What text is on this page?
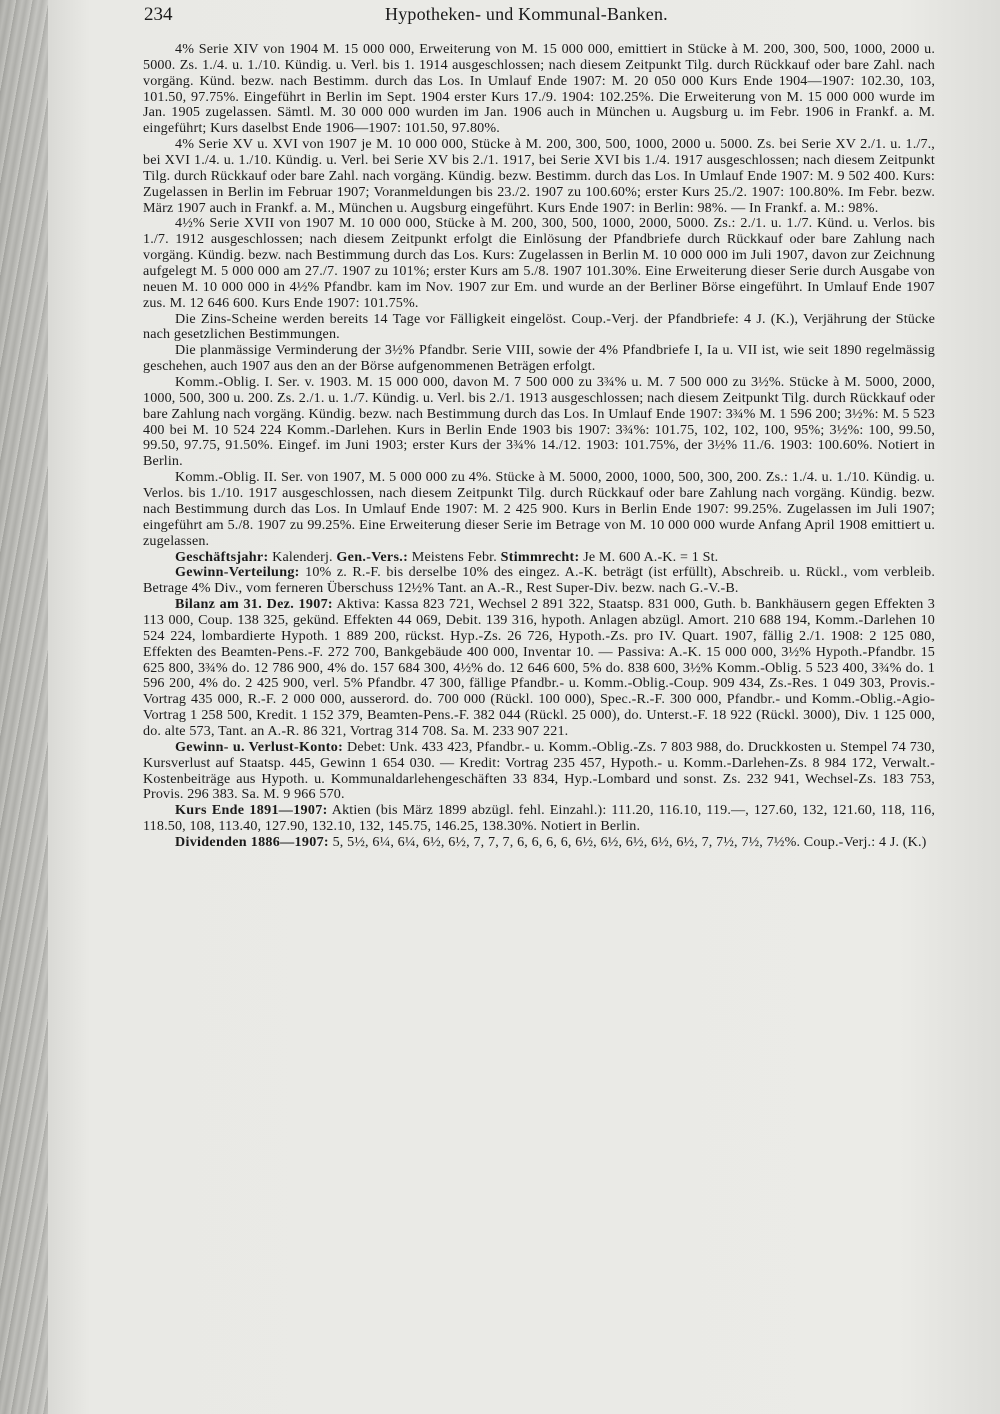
234	Hypotheken- und Kommunal-Banken.

4% Serie XIV von 1904 M. 15 000 000, Erweiterung von M. 15 000 000, emittiert in Stücke à M. 200, 300, 500, 1000, 2000 u. 5000. Zs. 1./4. u. 1./10. Kündig. u. Verl. bis 1. 1914 ausgeschlossen; nach diesem Zeitpunkt Tilg. durch Rückkauf oder bare Zahl. nach vorgäng. Künd. bezw. nach Bestimm. durch das Los. In Umlauf Ende 1907: M. 20 050 000 Kurs Ende 1904—1907: 102.30, 103, 101.50, 97.75%. Eingeführt in Berlin im Sept. 1904 erster Kurs 17./9. 1904: 102.25%. Die Erweiterung von M. 15 000 000 wurde im Jan. 1905 zugelassen. Sämtl. M. 30 000 000 wurden im Jan. 1906 auch in München u. Augsburg u. im Febr. 1906 in Frankf. a. M. eingeführt; Kurs daselbst Ende 1906—1907: 101.50, 97.80%.

4% Serie XV u. XVI von 1907 je M. 10 000 000, Stücke à M. 200, 300, 500, 1000, 2000 u. 5000. Zs. bei Serie XV 2./1. u. 1./7., bei XVI 1./4. u. 1./10. Kündig. u. Verl. bei Serie XV bis 2./1. 1917, bei Serie XVI bis 1./4. 1917 ausgeschlossen; nach diesem Zeitpunkt Tilg. durch Rückkauf oder bare Zahl. nach vorgäng. Kündig. bezw. Bestimm. durch das Los. In Umlauf Ende 1907: M. 9 502 400. Kurs: Zugelassen in Berlin im Februar 1907; Voranmeldungen bis 23./2. 1907 zu 100.60%; erster Kurs 25./2. 1907: 100.80%. Im Febr. bezw. März 1907 auch in Frankf. a. M., München u. Augsburg eingeführt. Kurs Ende 1907: in Berlin: 98%. — In Frankf. a. M.: 98%.

4½% Serie XVII von 1907 M. 10 000 000, Stücke à M. 200, 300, 500, 1000, 2000, 5000. Zs.: 2./1. u. 1./7. Künd. u. Verlos. bis 1./7. 1912 ausgeschlossen; nach diesem Zeitpunkt erfolgt die Einlösung der Pfandbriefe durch Rückkauf oder bare Zahlung nach vorgäng. Kündig. bezw. nach Bestimmung durch das Los. Kurs: Zugelassen in Berlin M. 10 000 000 im Juli 1907, davon zur Zeichnung aufgelegt M. 5 000 000 am 27./7. 1907 zu 101%; erster Kurs am 5./8. 1907 101.30%. Eine Erweiterung dieser Serie durch Ausgabe von neuen M. 10 000 000 in 4½% Pfandbr. kam im Nov. 1907 zur Em. und wurde an der Berliner Börse eingeführt. In Umlauf Ende 1907 zus. M. 12 646 600. Kurs Ende 1907: 101.75%.

Die Zins-Scheine werden bereits 14 Tage vor Fälligkeit eingelöst. Coup.-Verj. der Pfandbriefe: 4 J. (K.), Verjährung der Stücke nach gesetzlichen Bestimmungen.

Die planmässige Verminderung der 3½% Pfandbr. Serie VIII, sowie der 4% Pfandbriefe I, Ia u. VII ist, wie seit 1890 regelmässig geschehen, auch 1907 aus den an der Börse aufgenommenen Beträgen erfolgt.

Komm.-Oblig. I. Ser. v. 1903. M. 15 000 000, davon M. 7 500 000 zu 3¾% u. M. 7 500 000 zu 3½%. Stücke à M. 5000, 2000, 1000, 500, 300 u. 200. Zs. 2./1. u. 1./7. Kündig. u. Verl. bis 2./1. 1913 ausgeschlossen; nach diesem Zeitpunkt Tilg. durch Rückkauf oder bare Zahlung nach vorgäng. Kündig. bezw. nach Bestimmung durch das Los. In Umlauf Ende 1907: 3¾% M. 1 596 200; 3½%: M. 5 523 400 bei M. 10 524 224 Komm.-Darlehen. Kurs in Berlin Ende 1903 bis 1907: 3¾%: 101.75, 102, 102, 100, 95%; 3½%: 100, 99.50, 99.50, 97.75, 91.50%. Eingef. im Juni 1903; erster Kurs der 3¾% 14./12. 1903: 101.75%, der 3½% 11./6. 1903: 100.60%. Notiert in Berlin.

Komm.-Oblig. II. Ser. von 1907, M. 5 000 000 zu 4%. Stücke à M. 5000, 2000, 1000, 500, 300, 200. Zs.: 1./4. u. 1./10. Kündig. u. Verlos. bis 1./10. 1917 ausgeschlossen, nach diesem Zeitpunkt Tilg. durch Rückkauf oder bare Zahlung nach vorgäng. Kündig. bezw. nach Bestimmung durch das Los. In Umlauf Ende 1907: M. 2 425 900. Kurs in Berlin Ende 1907: 99.25%. Zugelassen im Juli 1907; eingeführt am 5./8. 1907 zu 99.25%. Eine Erweiterung dieser Serie im Betrage von M. 10 000 000 wurde Anfang April 1908 emittiert u. zugelassen.

Geschäftsjahr: Kalenderj. Gen.-Vers.: Meistens Febr. Stimmrecht: Je M. 600 A.-K. = 1 St.

Gewinn-Verteilung: 10% z. R.-F. bis derselbe 10% des eingez. A.-K. beträgt (ist erfüllt), Abschreib. u. Rückl., vom verbleib. Betrage 4% Div., vom ferneren Überschuss 12½% Tant. an A.-R., Rest Super-Div. bezw. nach G.-V.-B.

Bilanz am 31. Dez. 1907: Aktiva: Kassa 823 721, Wechsel 2 891 322, Staatsp. 831 000, Guth. b. Bankhäusern gegen Effekten 3 113 000, Coup. 138 325, gekünd. Effekten 44 069, Debit. 139 316, hypoth. Anlagen abzügl. Amort. 210 688 194, Komm.-Darlehen 10 524 224, lombardierte Hypoth. 1 889 200, rückst. Hyp.-Zs. 26 726, Hypoth.-Zs. pro IV. Quart. 1907, fällig 2./1. 1908: 2 125 080, Effekten des Beamten-Pens.-F. 272 700, Bankgebäude 400 000, Inventar 10. — Passiva: A.-K. 15 000 000, 3½% Hypoth.-Pfandbr. 15 625 800, 3¾% do. 12 786 900, 4% do. 157 684 300, 4½% do. 12 646 600, 5% do. 838 600, 3½% Komm.-Oblig. 5 523 400, 3¾% do. 1 596 200, 4% do. 2 425 900, verl. 5% Pfandbr. 47 300, fällige Pfandbr.- u. Komm.-Oblig.-Coup. 909 434, Zs.-Res. 1 049 303, Provis.-Vortrag 435 000, R.-F. 2 000 000, ausserord. do. 700 000 (Rückl. 100 000), Spec.-R.-F. 300 000, Pfandbr.- und Komm.-Oblig.-Agio-Vortrag 1 258 500, Kredit. 1 152 379, Beamten-Pens.-F. 382 044 (Rückl. 25 000), do. Unterst.-F. 18 922 (Rückl. 3000), Div. 1 125 000, do. alte 573, Tant. an A.-R. 86 321, Vortrag 314 708. Sa. M. 233 907 221.

Gewinn- u. Verlust-Konto: Debet: Unk. 433 423, Pfandbr.- u. Komm.-Oblig.-Zs. 7 803 988, do. Druckkosten u. Stempel 74 730, Kursverlust auf Staatsp. 445, Gewinn 1 654 030. — Kredit: Vortrag 235 457, Hypoth.- u. Komm.-Darlehen-Zs. 8 984 172, Verwalt.-Kostenbeiträge aus Hypoth. u. Kommunaldarlehengeschäften 33 834, Hyp.-Lombard und sonst. Zs. 232 941, Wechsel-Zs. 183 753, Provis. 296 383. Sa. M. 9 966 570.

Kurs Ende 1891—1907: Aktien (bis März 1899 abzügl. fehl. Einzahl.): 111.20, 116.10, 119.—, 127.60, 132, 121.60, 118, 116, 118.50, 108, 113.40, 127.90, 132.10, 132, 145.75, 146.25, 138.30%. Notiert in Berlin.

Dividenden 1886—1907: 5, 5½, 6¼, 6¼, 6½, 6½, 7, 7, 7, 6, 6, 6, 6, 6½, 6½, 6½, 6½, 6½, 7, 7½, 7½, 7½%. Coup.-Verj.: 4 J. (K.)
